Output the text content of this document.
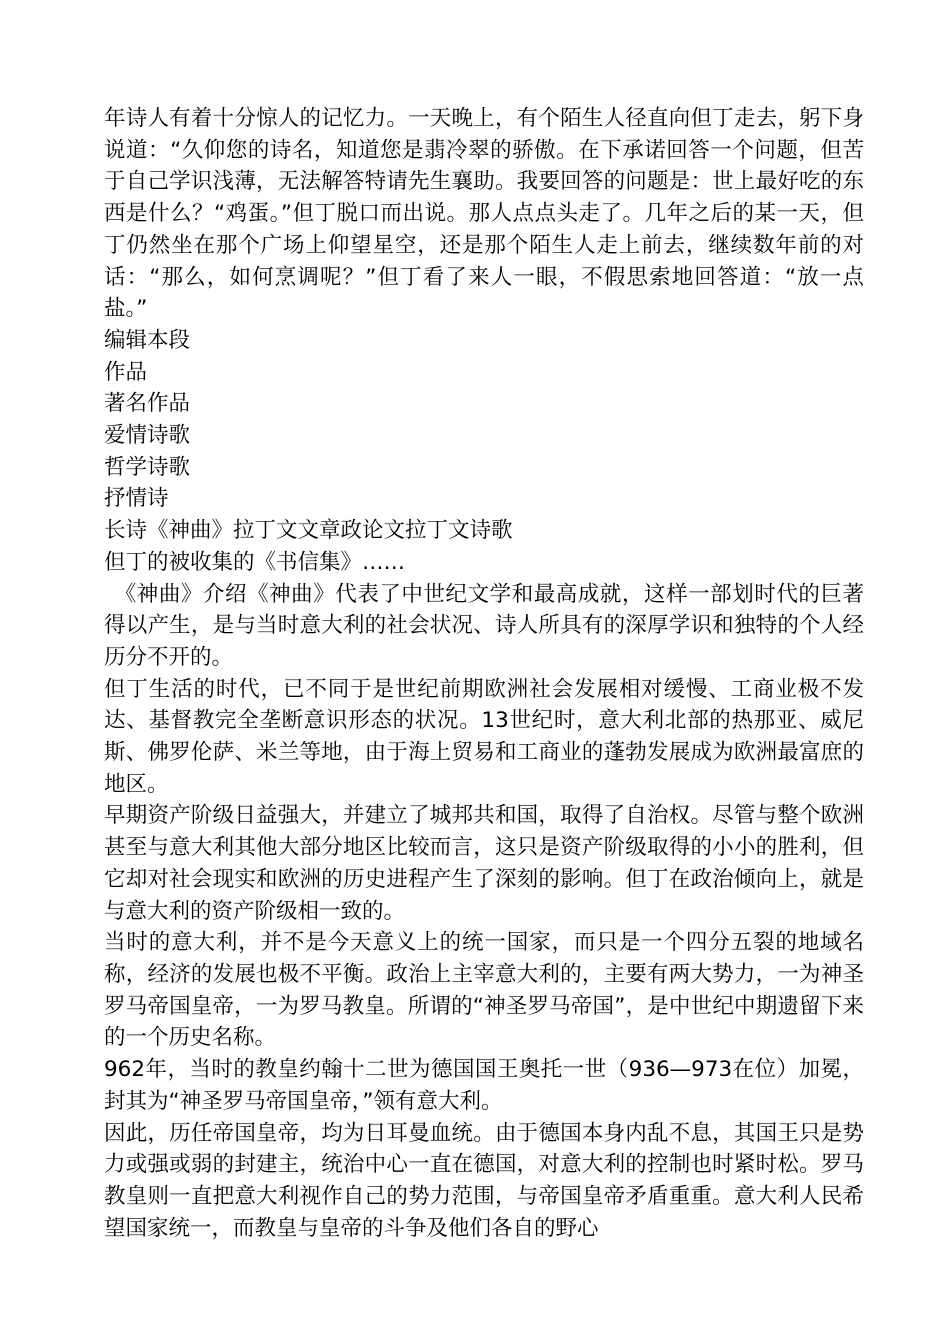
年诗人有着十分惊人的记忆力。一天晚上，有个陌生人径直向但丁走去，躬下身说道：“久仰您的诗名，知道您是翡冷翠的骄傲。在下承诺回答一个问题，但苦于自己学识浅薄，无法解答特请先生襄助。我要回答的问题是：世上最好吃的东西是什么？“鸡蛋。”但丁脱口而出说。那人点点头走了。几年之后的某一天，但丁仍然坐在那个广场上仰望星空，还是那个陌生人走上前去，继续数年前的对话：“那么，如何烹调呢？”但丁看了来人一眼，不假思索地回答道：“放一点盐。”

编辑本段

作品

著名作品

爱情诗歌

哲学诗歌

抒情诗

长诗《神曲》拉丁文文章政论文拉丁文诗歌

但丁的被收集的《书信集》……

《神曲》介绍《神曲》代表了中世纪文学和最高成就，这样一部划时代的巨著得以产生，是与当时意大利的社会状况、诗人所具有的深厚学识和独特的个人经历分不开的。

但丁生活的时代，已不同于是世纪前期欧洲社会发展相对缓慢、工商业极不发达、基督教完全垄断意识形态的状况。13世纪时，意大利北部的热那亚、威尼斯、佛罗伦萨、米兰等地，由于海上贸易和工商业的蓬勃发展成为欧洲最富庶的地区。

早期资产阶级日益强大，并建立了城邦共和国，取得了自治权。尽管与整个欧洲甚至与意大利其他大部分地区比较而言，这只是资产阶级取得的小小的胜利，但它却对社会现实和欧洲的历史进程产生了深刻的影响。但丁在政治倾向上，就是与意大利的资产阶级相一致的。

当时的意大利，并不是今天意义上的统一国家，而只是一个四分五裂的地域名称，经济的发展也极不平衡。政治上主宰意大利的，主要有两大势力，一为神圣罗马帝国皇帝，一为罗马教皇。所谓的“神圣罗马帝国”，是中世纪中期遗留下来的一个历史名称。

962年，当时的教皇约翰十二世为德国国王奥托一世（936—973在位）加冕，封其为“神圣罗马帝国皇帝，”领有意大利。

因此，历任帝国皇帝，均为日耳曼血统。由于德国本身内乱不息，其国王只是势力或强或弱的封建主，统治中心一直在德国，对意大利的控制也时紧时松。罗马教皇则一直把意大利视作自己的势力范围，与帝国皇帝矛盾重重。意大利人民希望国家统一，而教皇与皇帝的斗争及他们各自的野心
